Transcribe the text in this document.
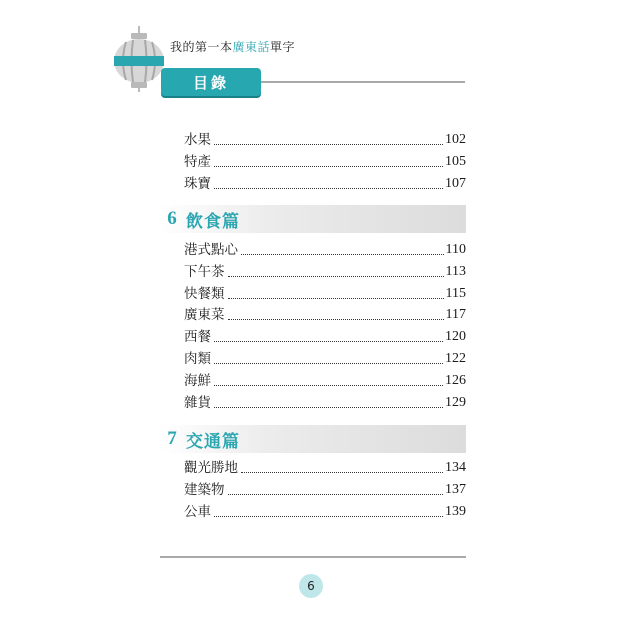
我的第一本廣東話單字
目錄
水果	102
特產	105
珠寶	107
6 飲食篇
港式點心	110
下午茶	113
快餐類	115
廣東菜	117
西餐	120
肉類	122
海鮮	126
雜貨	129
7 交通篇
觀光勝地	134
建築物	137
公車	139
6
